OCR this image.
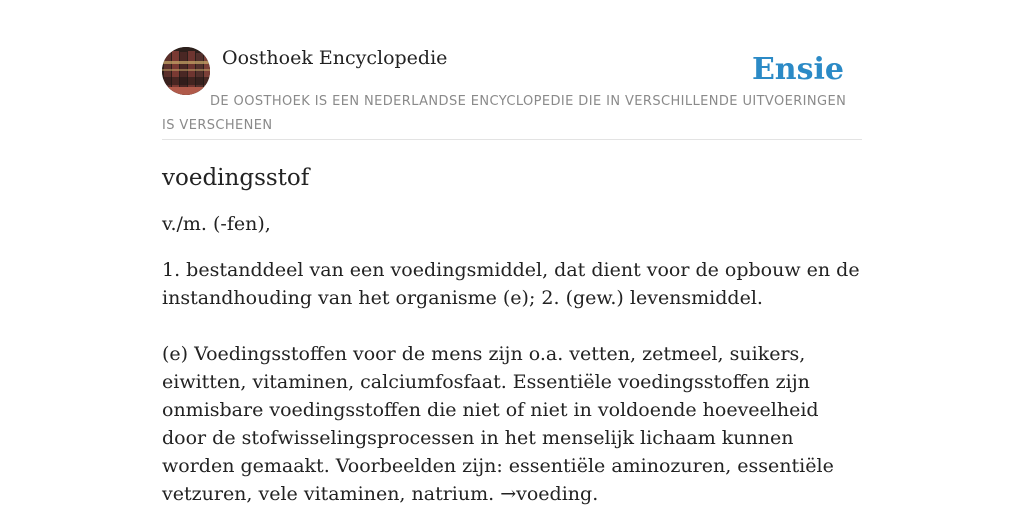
Oosthoek Encyclopedie	Ensie
DE OOSTHOEK IS EEN NEDERLANDSE ENCYCLOPEDIE DIE IN VERSCHILLENDE UITVOERINGEN IS VERSCHENEN
voedingsstof

v./m. (-fen),

1. bestanddeel van een voedingsmiddel, dat dient voor de opbouw en de instandhouding van het organisme (e); 2. (gew.) levensmiddel.

(e) Voedingsstoffen voor de mens zijn o.a. vetten, zetmeel, suikers, eiwitten, vitaminen, calciumfosfaat. Essentiële voedingsstoffen zijn onmisbare voedingsstoffen die niet of niet in voldoende hoeveelheid door de stofwisselingsprocessen in het menselijk lichaam kunnen worden gemaakt. Voorbeelden zijn: essentiële aminozuren, essentiële vetzuren, vele vitaminen, natrium. →voeding.
